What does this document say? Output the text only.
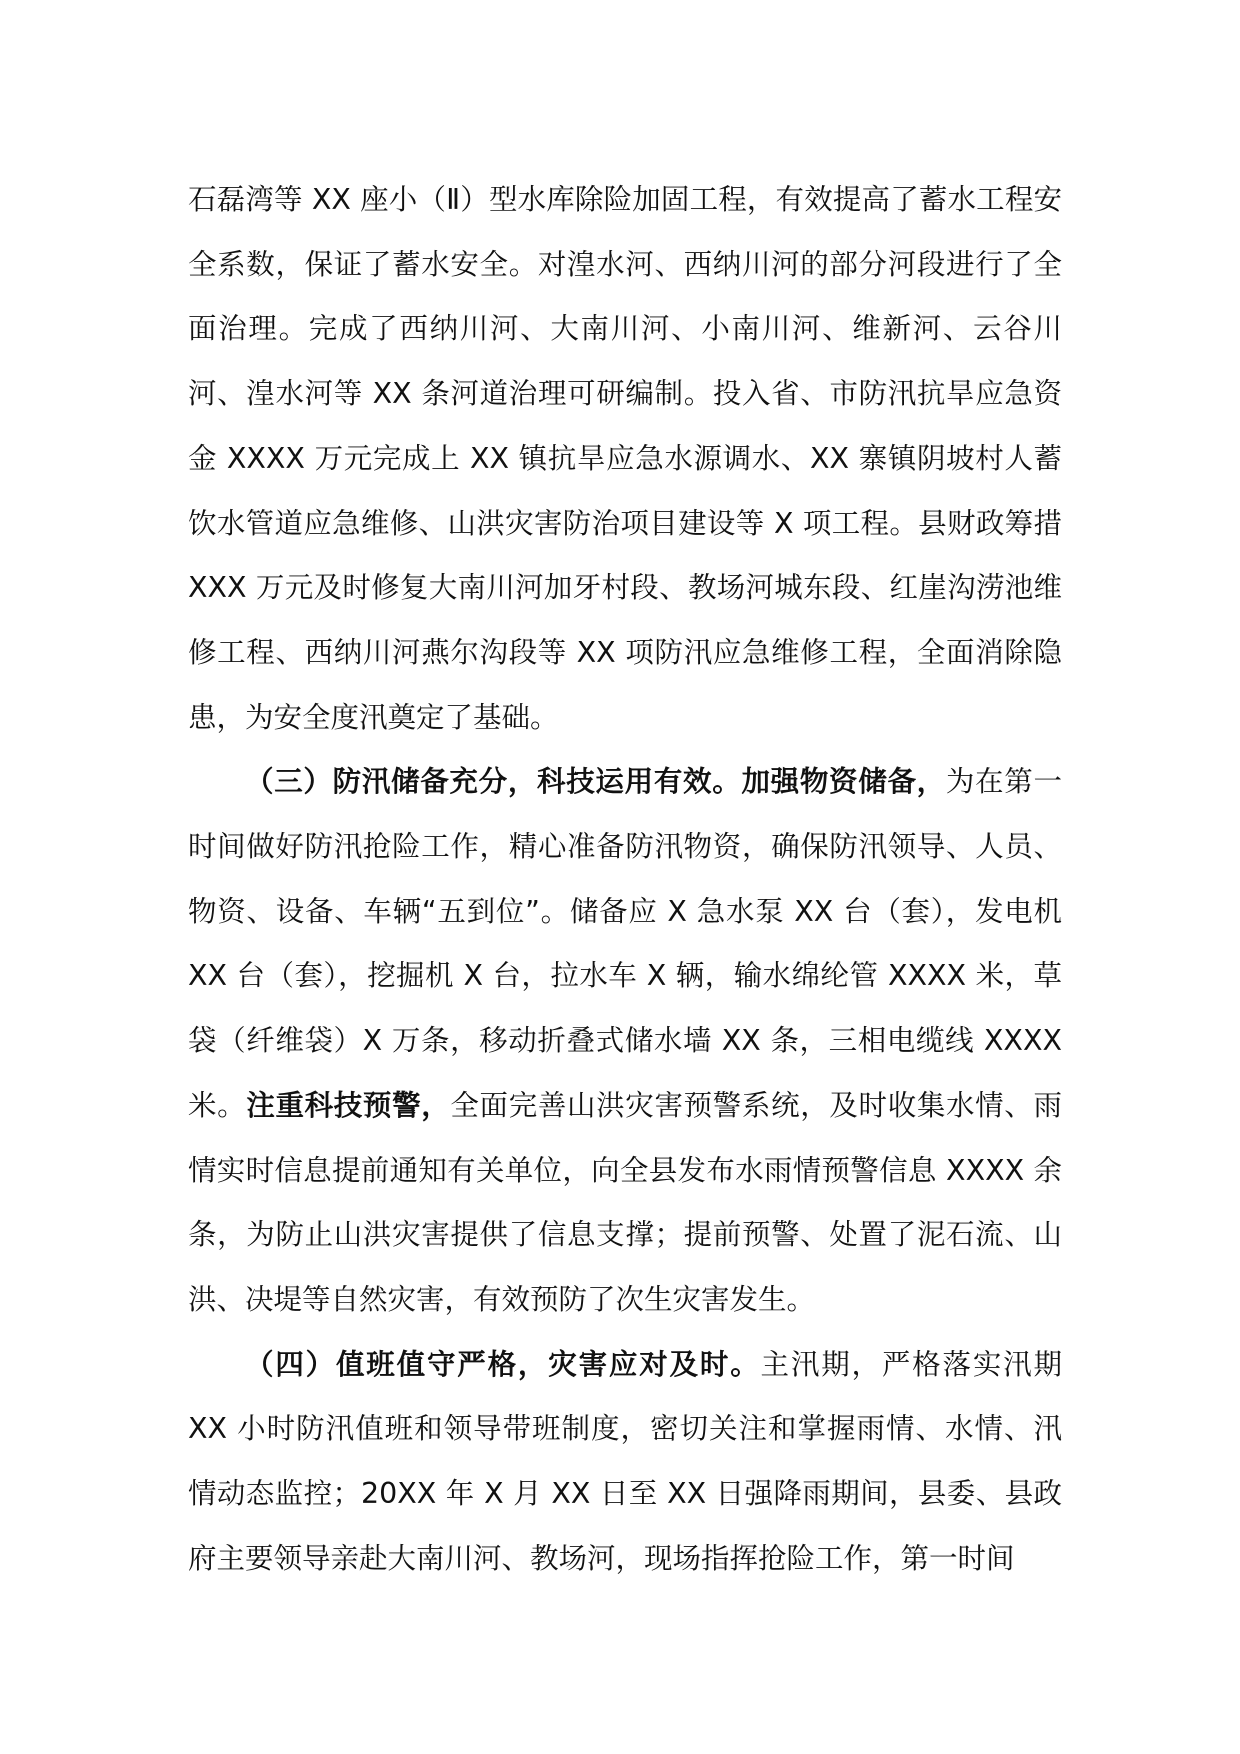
石磊湾等 XX 座小（Ⅱ）型水库除险加固工程，有效提高了蓄水工程安全系数，保证了蓄水安全。对湟水河、西纳川河的部分河段进行了全面治理。完成了西纳川河、大南川河、小南川河、维新河、云谷川河、湟水河等 XX 条河道治理可研编制。投入省、市防汛抗旱应急资金 XXXX 万元完成上 XX 镇抗旱应急水源调水、XX 寨镇阴坡村人蓄饮水管道应急维修、山洪灾害防治项目建设等 X 项工程。县财政筹措 XXX 万元及时修复大南川河加牙村段、教场河城东段、红崖沟涝池维修工程、西纳川河燕尔沟段等 XX 项防汛应急维修工程，全面消除隐患，为安全度汛奠定了基础。

（三）防汛储备充分，科技运用有效。加强物资储备，为在第一时间做好防汛抢险工作，精心准备防汛物资，确保防汛领导、人员、物资、设备、车辆“五到位”。储备应 X 急水泵 XX 台（套），发电机 XX 台（套），挖掘机 X 台，拉水车 X 辆，输水绵纶管 XXXX 米，草袋（纤维袋）X 万条，移动折叠式储水墙 XX 条，三相电缆线 XXXX 米。注重科技预警，全面完善山洪灾害预警系统，及时收集水情、雨情实时信息提前通知有关单位，向全县发布水雨情预警信息 XXXX 余条，为防止山洪灾害提供了信息支撑；提前预警、处置了泥石流、山洪、决堤等自然灾害，有效预防了次生灾害发生。

（四）值班值守严格，灾害应对及时。主汛期，严格落实汛期 XX 小时防汛值班和领导带班制度，密切关注和掌握雨情、水情、汛情动态监控；20XX 年 X 月 XX 日至 XX 日强降雨期间，县委、县政府主要领导亲赴大南川河、教场河，现场指挥抢险工作，第一时间
